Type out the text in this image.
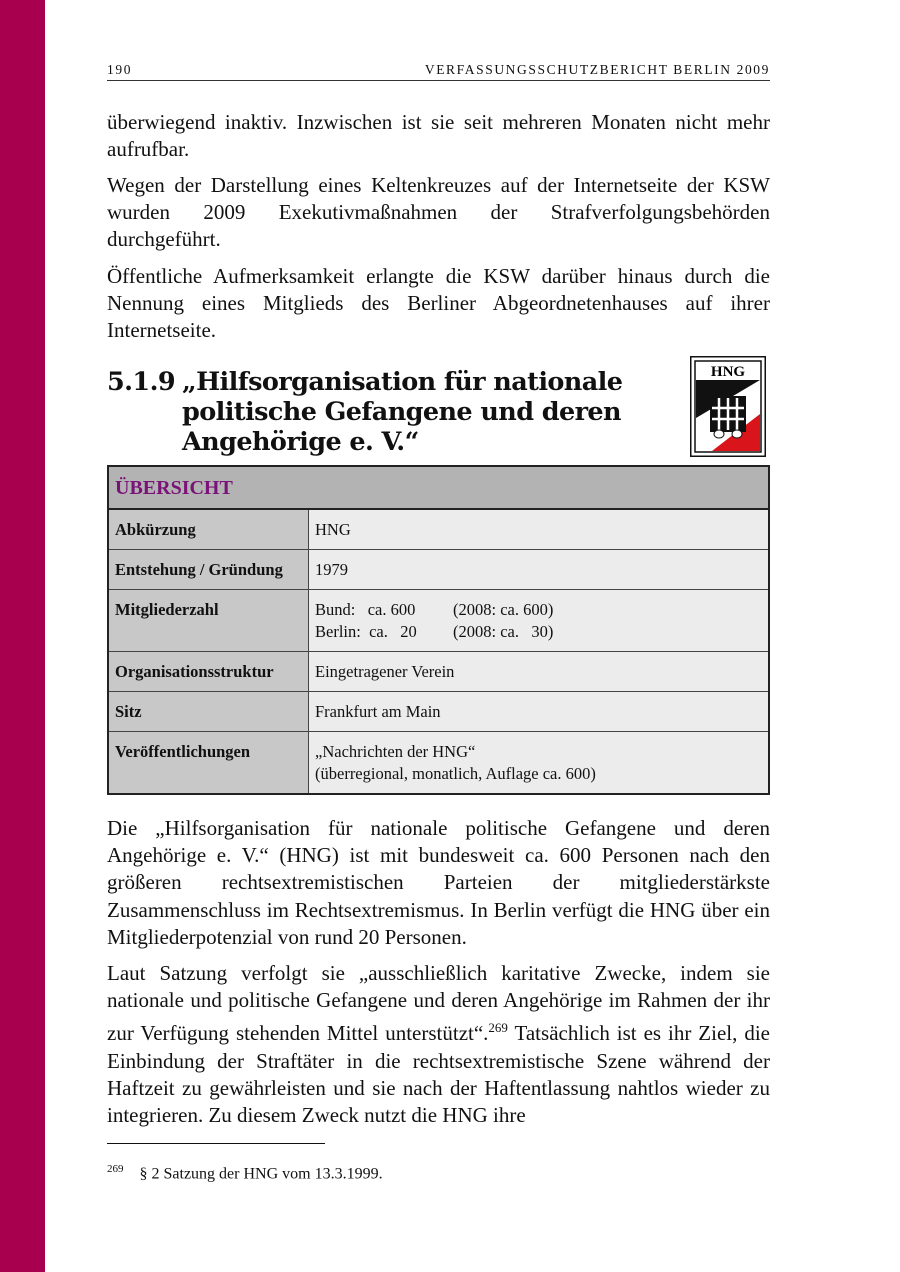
190	VERFASSUNGSSCHUTZBERICHT BERLIN 2009

überwiegend inaktiv. Inzwischen ist sie seit mehreren Monaten nicht mehr aufrufbar.

Wegen der Darstellung eines Keltenkreuzes auf der Internetseite der KSW wurden 2009 Exekutivmaßnahmen der Strafverfolgungsbehörden durchgeführt.

Öffentliche Aufmerksamkeit erlangte die KSW darüber hinaus durch die Nennung eines Mitglieds des Berliner Abgeordnetenhauses auf ihrer Internetseite.

5.1.9 „Hilfsorganisation für nationale politische Gefangene und deren Angehörige e. V.“
HNG
ÜBERSICHT	
Abkürzung	HNG
Entstehung / Gründung	1979
Mitgliederzahl	Bund:   ca. 600 (2008: ca. 600)
Berlin:  ca.   20 (2008: ca.   30)

Organisationsstruktur	Eingetragener Verein
Sitz	Frankfurt am Main
Veröffentlichungen	„Nachrichten der HNG“
(überregional, monatlich, Auflage ca. 600)

Die „Hilfsorganisation für nationale politische Gefangene und deren Angehörige e. V.“ (HNG) ist mit bundesweit ca. 600 Personen nach den größeren rechtsextremistischen Parteien der mitgliederstärkste Zusammenschluss im Rechtsextremismus. In Berlin verfügt die HNG über ein Mitgliederpotenzial von rund 20 Personen.

Laut Satzung verfolgt sie „ausschließlich karitative Zwecke, indem sie nationale und politische Gefangene und deren Angehörige im Rahmen der ihr zur Verfügung stehenden Mittel unterstützt“.$^{269}$ Tatsächlich ist es ihr Ziel, die Einbindung der Straftäter in die rechtsextremistische Szene während der Haftzeit zu gewährleisten und sie nach der Haftentlassung nahtlos wieder zu integrieren. Zu diesem Zweck nutzt die HNG ihre

$^{269}$ § 2 Satzung der HNG vom 13.3.1999.
